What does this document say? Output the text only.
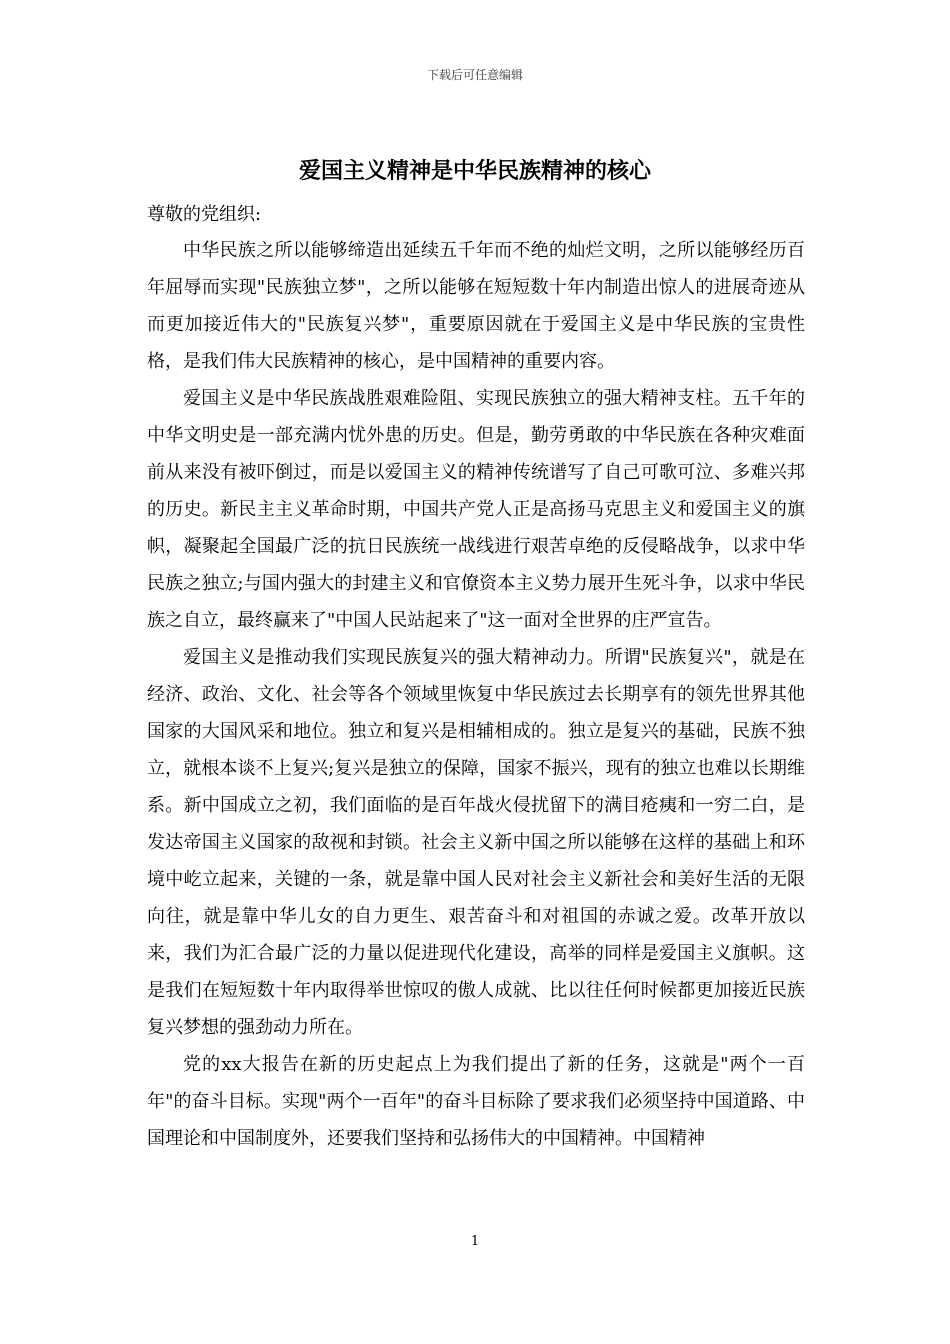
下载后可任意编辑
爱国主义精神是中华民族精神的核心

尊敬的党组织:

中华民族之所以能够缔造出延续五千年而不绝的灿烂文明，之所以能够经历百年屈辱而实现"民族独立梦"，之所以能够在短短数十年内制造出惊人的进展奇迹从而更加接近伟大的"民族复兴梦"，重要原因就在于爱国主义是中华民族的宝贵性格，是我们伟大民族精神的核心，是中国精神的重要内容。

爱国主义是中华民族战胜艰难险阻、实现民族独立的强大精神支柱。五千年的中华文明史是一部充满内忧外患的历史。但是，勤劳勇敢的中华民族在各种灾难面前从来没有被吓倒过，而是以爱国主义的精神传统谱写了自己可歌可泣、多难兴邦的历史。新民主主义革命时期，中国共产党人正是高扬马克思主义和爱国主义的旗帜，凝聚起全国最广泛的抗日民族统一战线进行艰苦卓绝的反侵略战争，以求中华民族之独立;与国内强大的封建主义和官僚资本主义势力展开生死斗争，以求中华民族之自立，最终赢来了"中国人民站起来了"这一面对全世界的庄严宣告。

爱国主义是推动我们实现民族复兴的强大精神动力。所谓"民族复兴"，就是在经济、政治、文化、社会等各个领域里恢复中华民族过去长期享有的领先世界其他国家的大国风采和地位。独立和复兴是相辅相成的。独立是复兴的基础，民族不独立，就根本谈不上复兴;复兴是独立的保障，国家不振兴，现有的独立也难以长期维系。新中国成立之初，我们面临的是百年战火侵扰留下的满目疮痍和一穷二白，是发达帝国主义国家的敌视和封锁。社会主义新中国之所以能够在这样的基础上和环境中屹立起来，关键的一条，就是靠中国人民对社会主义新社会和美好生活的无限向往，就是靠中华儿女的自力更生、艰苦奋斗和对祖国的赤诚之爱。改革开放以来，我们为汇合最广泛的力量以促进现代化建设，高举的同样是爱国主义旗帜。这是我们在短短数十年内取得举世惊叹的傲人成就、比以往任何时候都更加接近民族复兴梦想的强劲动力所在。

党的xx大报告在新的历史起点上为我们提出了新的任务，这就是"两个一百年"的奋斗目标。实现"两个一百年"的奋斗目标除了要求我们必须坚持中国道路、中国理论和中国制度外，还要我们坚持和弘扬伟大的中国精神。中国精神

1
